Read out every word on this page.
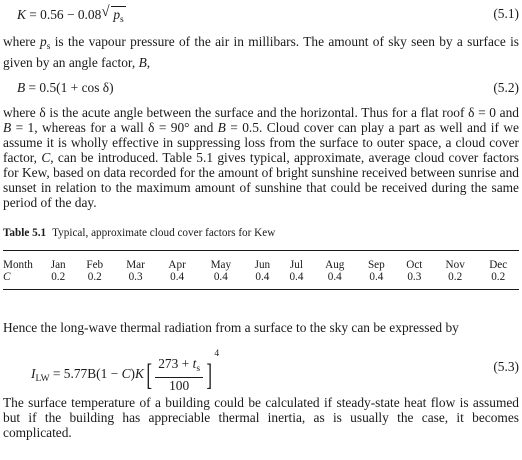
K = 0.56 − 0.08 √ $p_s$	(5.1)

where $p_s$ is the vapour pressure of the air in millibars. The amount of sky seen by a surface is given by an angle factor, B,

B = 0.5(1 + cos δ)	(5.2)

where δ is the acute angle between the surface and the horizontal. Thus for a flat roof δ = 0 and B = 1, whereas for a wall δ = 90° and B = 0.5. Cloud cover can play a part as well and if we assume it is wholly effective in suppressing loss from the surface to outer space, a cloud cover factor, C, can be introduced. Table 5.1 gives typical, approximate, average cloud cover factors for Kew, based on data recorded for the amount of bright sunshine received between sunrise and sunset in relation to the maximum amount of sunshine that could be received during the same period of the day.

Table 5.1 Typical, approximate cloud cover factors for Kew
Month	Jan	Feb	Mar	Apr	May	Jun	Jul	Aug	Sep	Oct	Nov	Dec
C	0.2	0.2	0.3	0.4	0.4	0.4	0.4	0.4	0.4	0.3	0.2	0.2

Hence the long-wave thermal radiation from a surface to the sky can be expressed by

$I_{LW} = 5.77B(1 - C)K[ \frac{273 + t_s}{100} ]^4$
(5.3)

The surface temperature of a building could be calculated if steady-state heat flow is assumed but if the building has appreciable thermal inertia, as is usually the case, it becomes complicated.
